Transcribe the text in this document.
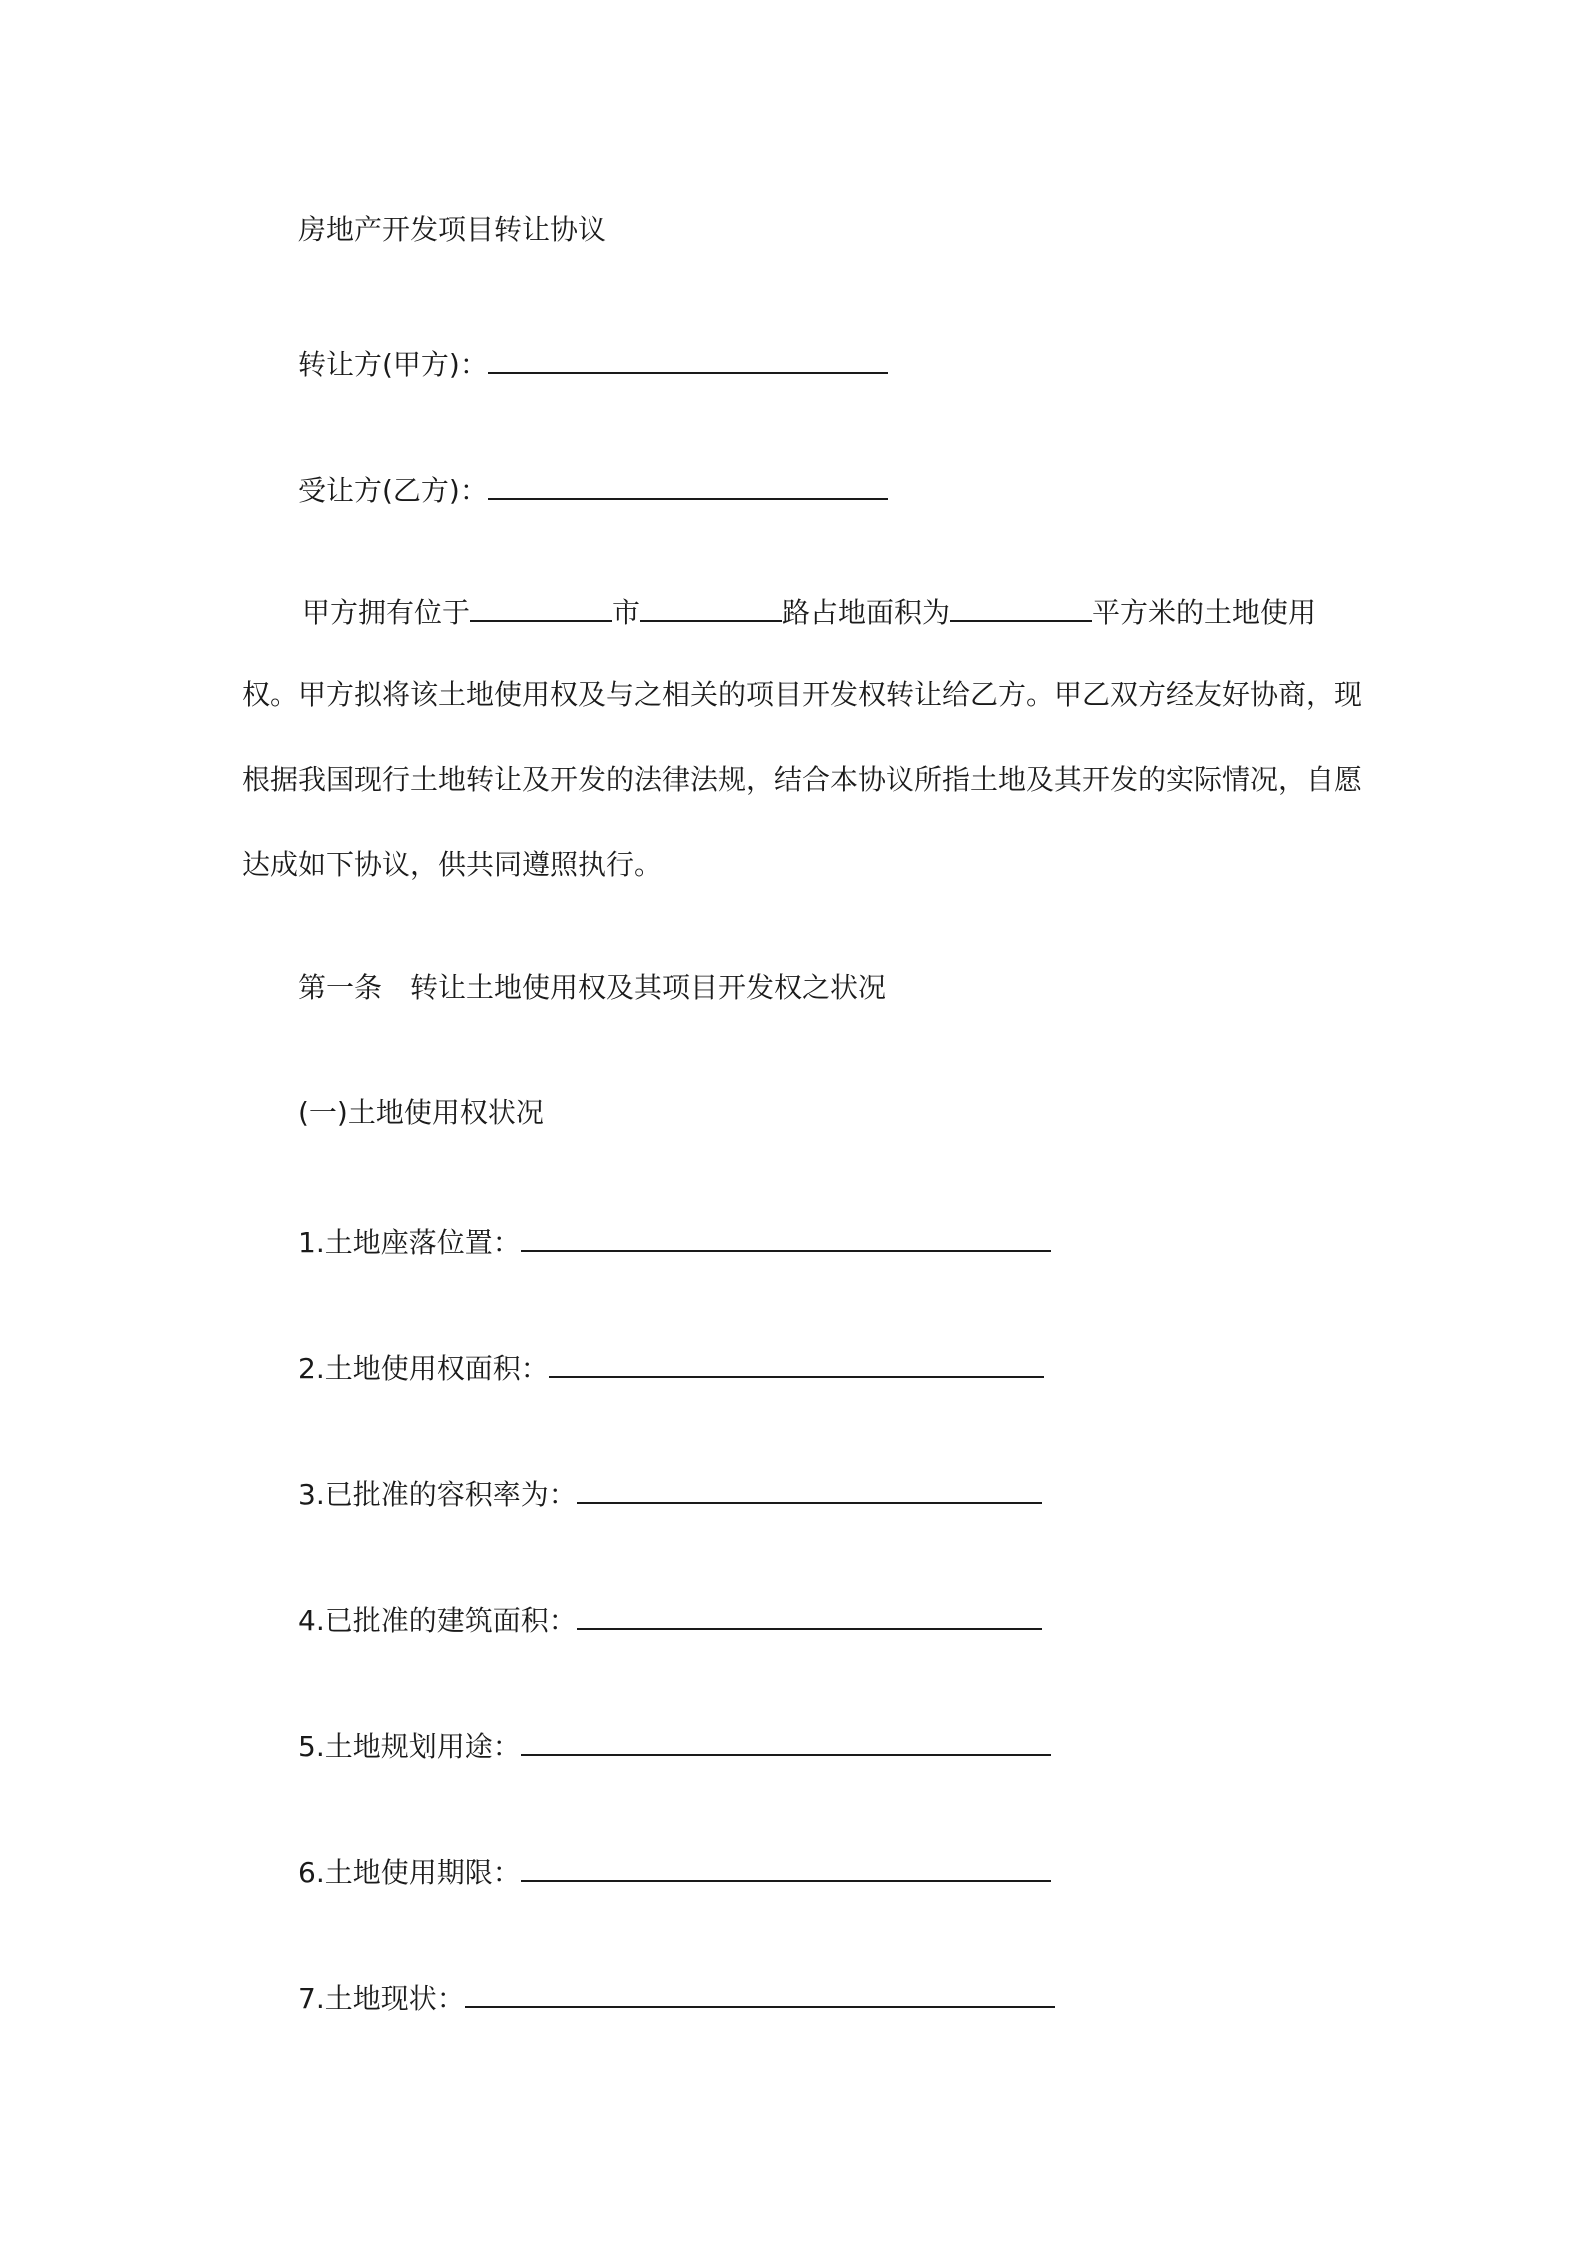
房地产开发项目转让协议
转让方(甲方)：
受让方(乙方)：
甲方拥有位于	市	路占地面积为	平方米的土地使用
权。甲方拟将该土地使用权及与之相关的项目开发权转让给乙方。甲乙双方经友好协商，现
根据我国现行土地转让及开发的法律法规，结合本协议所指土地及其开发的实际情况，自愿
达成如下协议，供共同遵照执行。
第一条　转让土地使用权及其项目开发权之状况
(一)土地使用权状况
1.土地座落位置：
2.土地使用权面积：
3.已批准的容积率为：
4.已批准的建筑面积：
5.土地规划用途：
6.土地使用期限：
7.土地现状：
